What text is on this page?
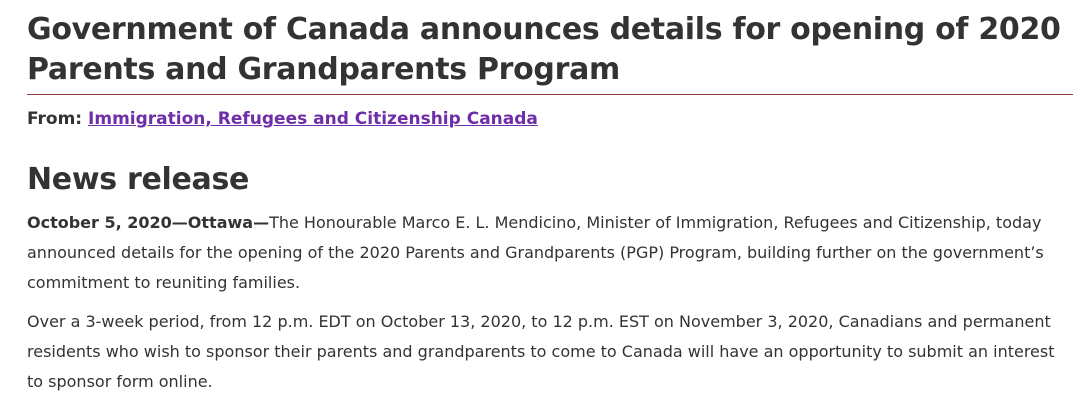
Government of Canada announces details for opening of 2020 Parents and Grandparents Program
From: Immigration, Refugees and Citizenship Canada
News release

October 5, 2020—Ottawa—The Honourable Marco E. L. Mendicino, Minister of Immigration, Refugees and Citizenship, today announced details for the opening of the 2020 Parents and Grandparents (PGP) Program, building further on the government’s commitment to reuniting families.

Over a 3-week period, from 12 p.m. EDT on October 13, 2020, to 12 p.m. EST on November 3, 2020, Canadians and permanent residents who wish to sponsor their parents and grandparents to come to Canada will have an opportunity to submit an interest to sponsor form online.
